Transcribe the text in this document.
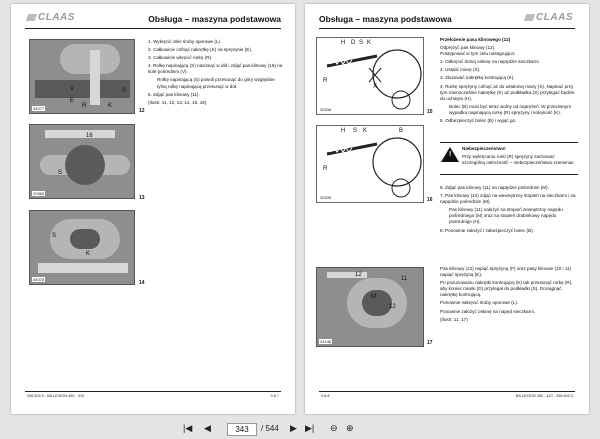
CLAAS	Obsługa – maszyna podstawowa
V
E
R	K
S
34077	12
16
S
20369
13
S
K
34078
14

1. Wykręcić obie śruby oporowe (L).

2. Całkowicie cofnąć nakrętkę (K) na sprężynie (E).

3. Całkowicie wkręcić rurkę (R).

4. Rolkę napinającą (S) nacisnąć w dół i zdjąć pas klinowy (16) na kole pośrednim (V).

Rolkę napinającą (S) powoli przesunąć do góry względnie tylną rolkę napinającą przesunąć w dół.

5. Zdjąć pas klinowy (11).

(Ilustr. 11, 12, 13, 14, 15, 16)

296 602.0 - BA LEXION 460 - 410	9.6.7
Obsługa – maszyna podstawowa	CLAAS
H D S K
R
X
30348	15
H S K	B
R
30349	16
12
11
M
12
24148	17

Przełożenie pasa klinowego (12)

Odprężyć pas klinowy (12).

Postępować w tym celu następująco:

1. Odkręcić dolną osłonę na napędzie sieczkarni.

2. Ustalić miarę (X).

3. Zluzować nakrętkę kontrującą (K).

4. Rurkę sprężyny cofnąć aż do ustalonej miary (X). Napinać przy tym równocześnie nakrętkę (K) aż podkładka (S) przylegać będzie do uchwytu (H).

Bolec (B) musi być teraz wolny od naprężeń. W przeciwnym wypadku napinającą rurkę (R) sprężyny i kolejność (K).

5. Odbezpieczyć bolec (B) i wyjąć go.

!

Niebezpieczeństwo!

Przy wykręcaniu rurki (R) sprężyny zachować szczególną ostrożność – niebezpieczeństwo zranienia!

6. Zdjąć pas klinowy (11) na napędzie pośrednim (M).

7. Pas klinowy (12) zdjąć na wewnętrzny stopień na sieczkarni i na napędzie pośrednim (M).

Pas klinowy (11) nałożyć na stopień zewnętrzny napędu pośredniego (M) oraz na stopień drabinkowy napędu posrednigo (H).

8. Ponownie założyć i zabezpieczyć bolec (B).

Pas klinowy (12) napiąć sprężyną (F) oraz pasy klinowe (10 i 11) napiąć sprężyną (E).

Po pozuzowaniu nakrętki kontrującej (K) tak przesunąć rurkę (R), aby koniec miarki (D) przylegał do podkładki (S). Dociągnąć nakrętkę kontrującą.

Ponownie nakręcić śruby oporowe (L).

Ponownie założyć osłonę na napęd sieczkarni.

(Ilustr. 11, 17)

9.6.8	BA LEXION 460 - 410 - 296 602.0
|◀ ◀	343	/ 544 ▶ ▶| ⊖ ⊕
